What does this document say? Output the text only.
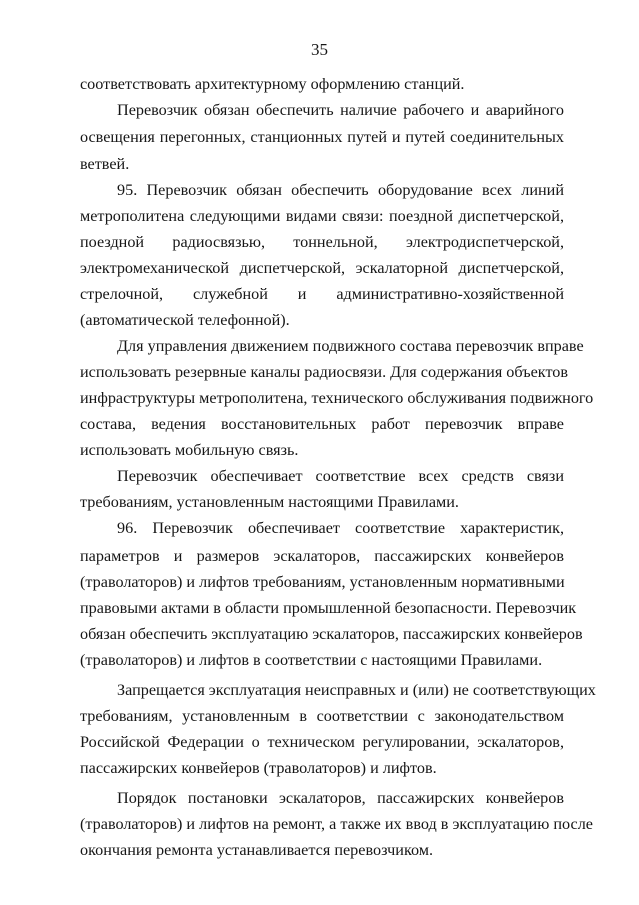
35
соответствовать архитектурному оформлению станций.
Перевозчик обязан обеспечить наличие рабочего и аварийного
освещения перегонных, станционных путей и путей соединительных
ветвей.
95. Перевозчик обязан обеспечить оборудование всех линий
метрополитена следующими видами связи: поездной диспетчерской,
поездной радиосвязью, тоннельной, электродиспетчерской,
электромеханической диспетчерской, эскалаторной диспетчерской,
стрелочной, служебной и административно-хозяйственной
(автоматической телефонной).
Для управления движением подвижного состава перевозчик вправе
использовать резервные каналы радиосвязи. Для содержания объектов
инфраструктуры метрополитена, технического обслуживания подвижного
состава, ведения восстановительных работ перевозчик вправе
использовать мобильную связь.
Перевозчик обеспечивает соответствие всех средств связи
требованиям, установленным настоящими Правилами.
96. Перевозчик обеспечивает соответствие характеристик,
параметров и размеров эскалаторов, пассажирских конвейеров
(траволаторов) и лифтов требованиям, установленным нормативными
правовыми актами в области промышленной безопасности. Перевозчик
обязан обеспечить эксплуатацию эскалаторов, пассажирских конвейеров
(траволаторов) и лифтов в соответствии с настоящими Правилами.
Запрещается эксплуатация неисправных и (или) не соответствующих
требованиям, установленным в соответствии с законодательством
Российской Федерации о техническом регулировании, эскалаторов,
пассажирских конвейеров (траволаторов) и лифтов.
Порядок постановки эскалаторов, пассажирских конвейеров
(траволаторов) и лифтов на ремонт, а также их ввод в эксплуатацию после
окончания ремонта устанавливается перевозчиком.
